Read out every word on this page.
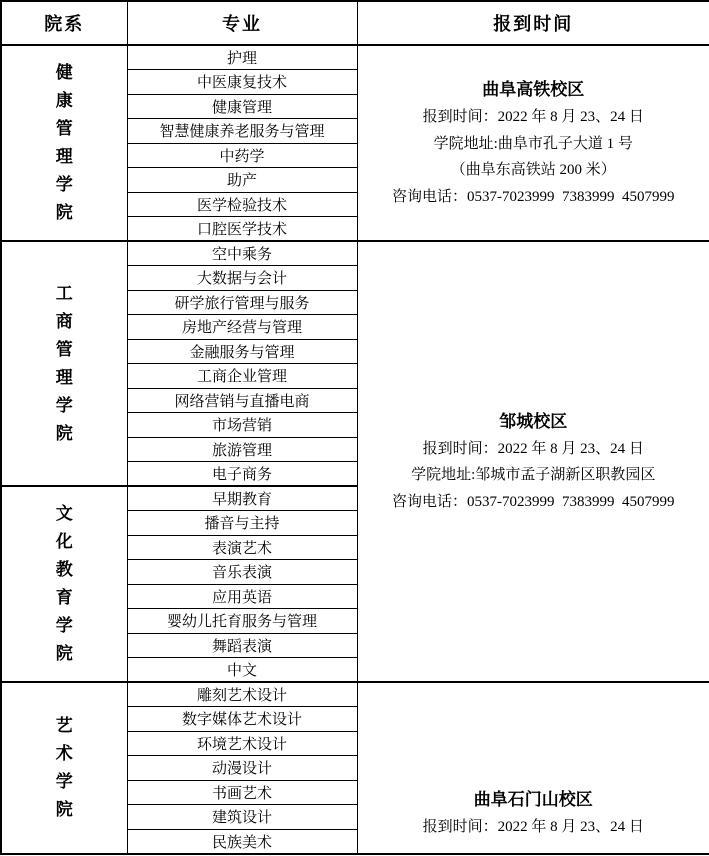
院系	专业	报到时间

健康管理学院	护理	曲阜高铁校区
报到时间：2022 年 8 月 23、24 日
学院地址:曲阜市孔子大道 1 号
（曲阜东高铁站 200 米）
咨询电话：0537-7023999  7383999  4507999

	中医康复技术	
	健康管理	
	智慧健康养老服务与管理	
	中药学	
	助产	
	医学检验技术	
	口腔医学技术	

工商管理学院	空中乘务	邹城校区
报到时间：2022 年 8 月 23、24 日
学院地址:邹城市孟子湖新区职教园区
咨询电话：0537-7023999  7383999  4507999

	大数据与会计	
	研学旅行管理与服务	
	房地产经营与管理	
	金融服务与管理	
	工商企业管理	
	网络营销与直播电商	
	市场营销	
	旅游管理	
	电子商务	

文化教育学院	早期教育	
	播音与主持	
	表演艺术	
	音乐表演	
	应用英语	
	婴幼儿托育服务与管理	
	舞蹈表演	
	中文	

艺术学院	雕刻艺术设计	曲阜石门山校区
报到时间：2022 年 8 月 23、24 日

	数字媒体艺术设计	
	环境艺术设计	
	动漫设计	
	书画艺术	
	建筑设计	
	民族美术	
